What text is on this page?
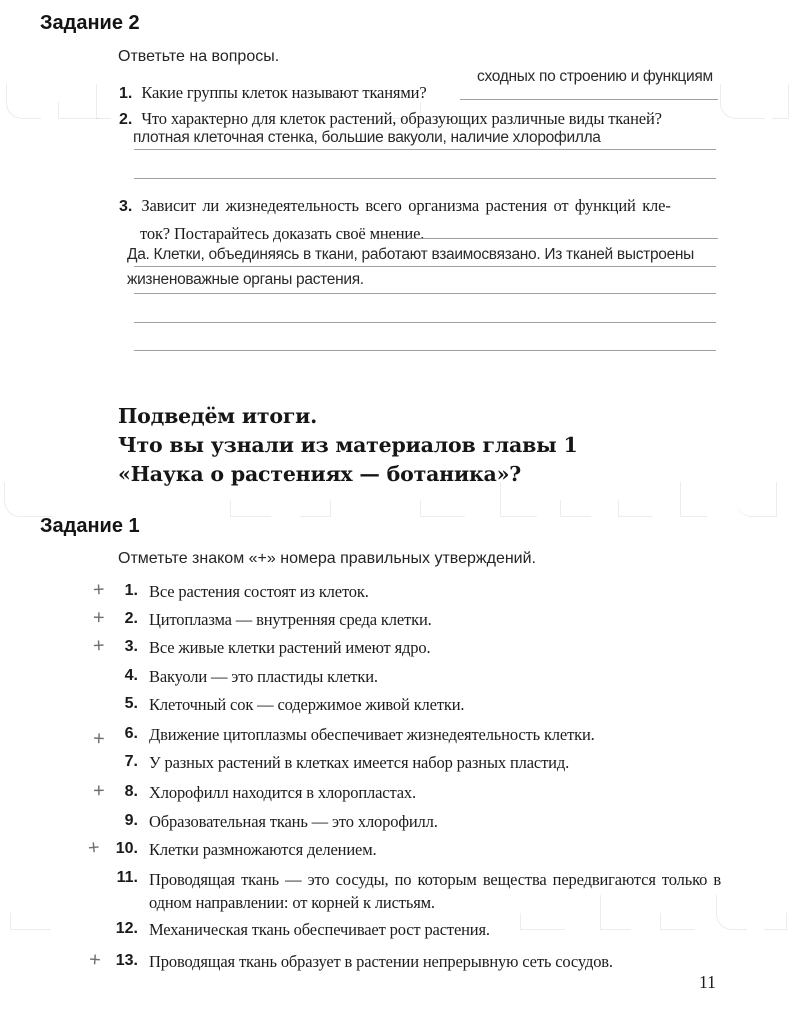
Задание 2
Ответьте на вопросы.
сходных по строению и функциям
1. Какие группы клеток называют тканями?
2. Что характерно для клеток растений, образующих различные виды тканей?
плотная клеточная стенка, большие вакуоли, наличие хлорофилла
3. Зависит ли жизнедеятельность всего организма растения от функций кле-
ток? Постарайтесь доказать своё мнение.
Да. Клетки, объединяясь в ткани, работают взаимосвязано. Из тканей выстроены
жизненоважные органы растения.
Подведём итоги.
Что вы узнали из материалов главы 1
«Наука о растениях — ботаника»?
Задание 1
Отметьте знаком «+» номера правильных утверждений.
+	1. Все растения состоят из клеток.
+	2. Цитоплазма — внутренняя среда клетки.
+	3. Все живые клетки растений имеют ядро.
4. Вакуоли — это пластиды клетки.
5. Клеточный сок — содержимое живой клетки.
+	6. Движение цитоплазмы обеспечивает жизнедеятельность клетки.
7. У разных растений в клетках имеется набор разных пластид.
+	8. Хлорофилл находится в хлоропластах.
9. Образовательная ткань — это хлорофилл.
+ 10. Клетки размножаются делением.
11. Проводящая ткань — это сосуды, по которым вещества передвигаются только в одном направлении: от корней к листьям.
12. Механическая ткань обеспечивает рост растения.
+ 13. Проводящая ткань образует в растении непрерывную сеть сосудов.
11
